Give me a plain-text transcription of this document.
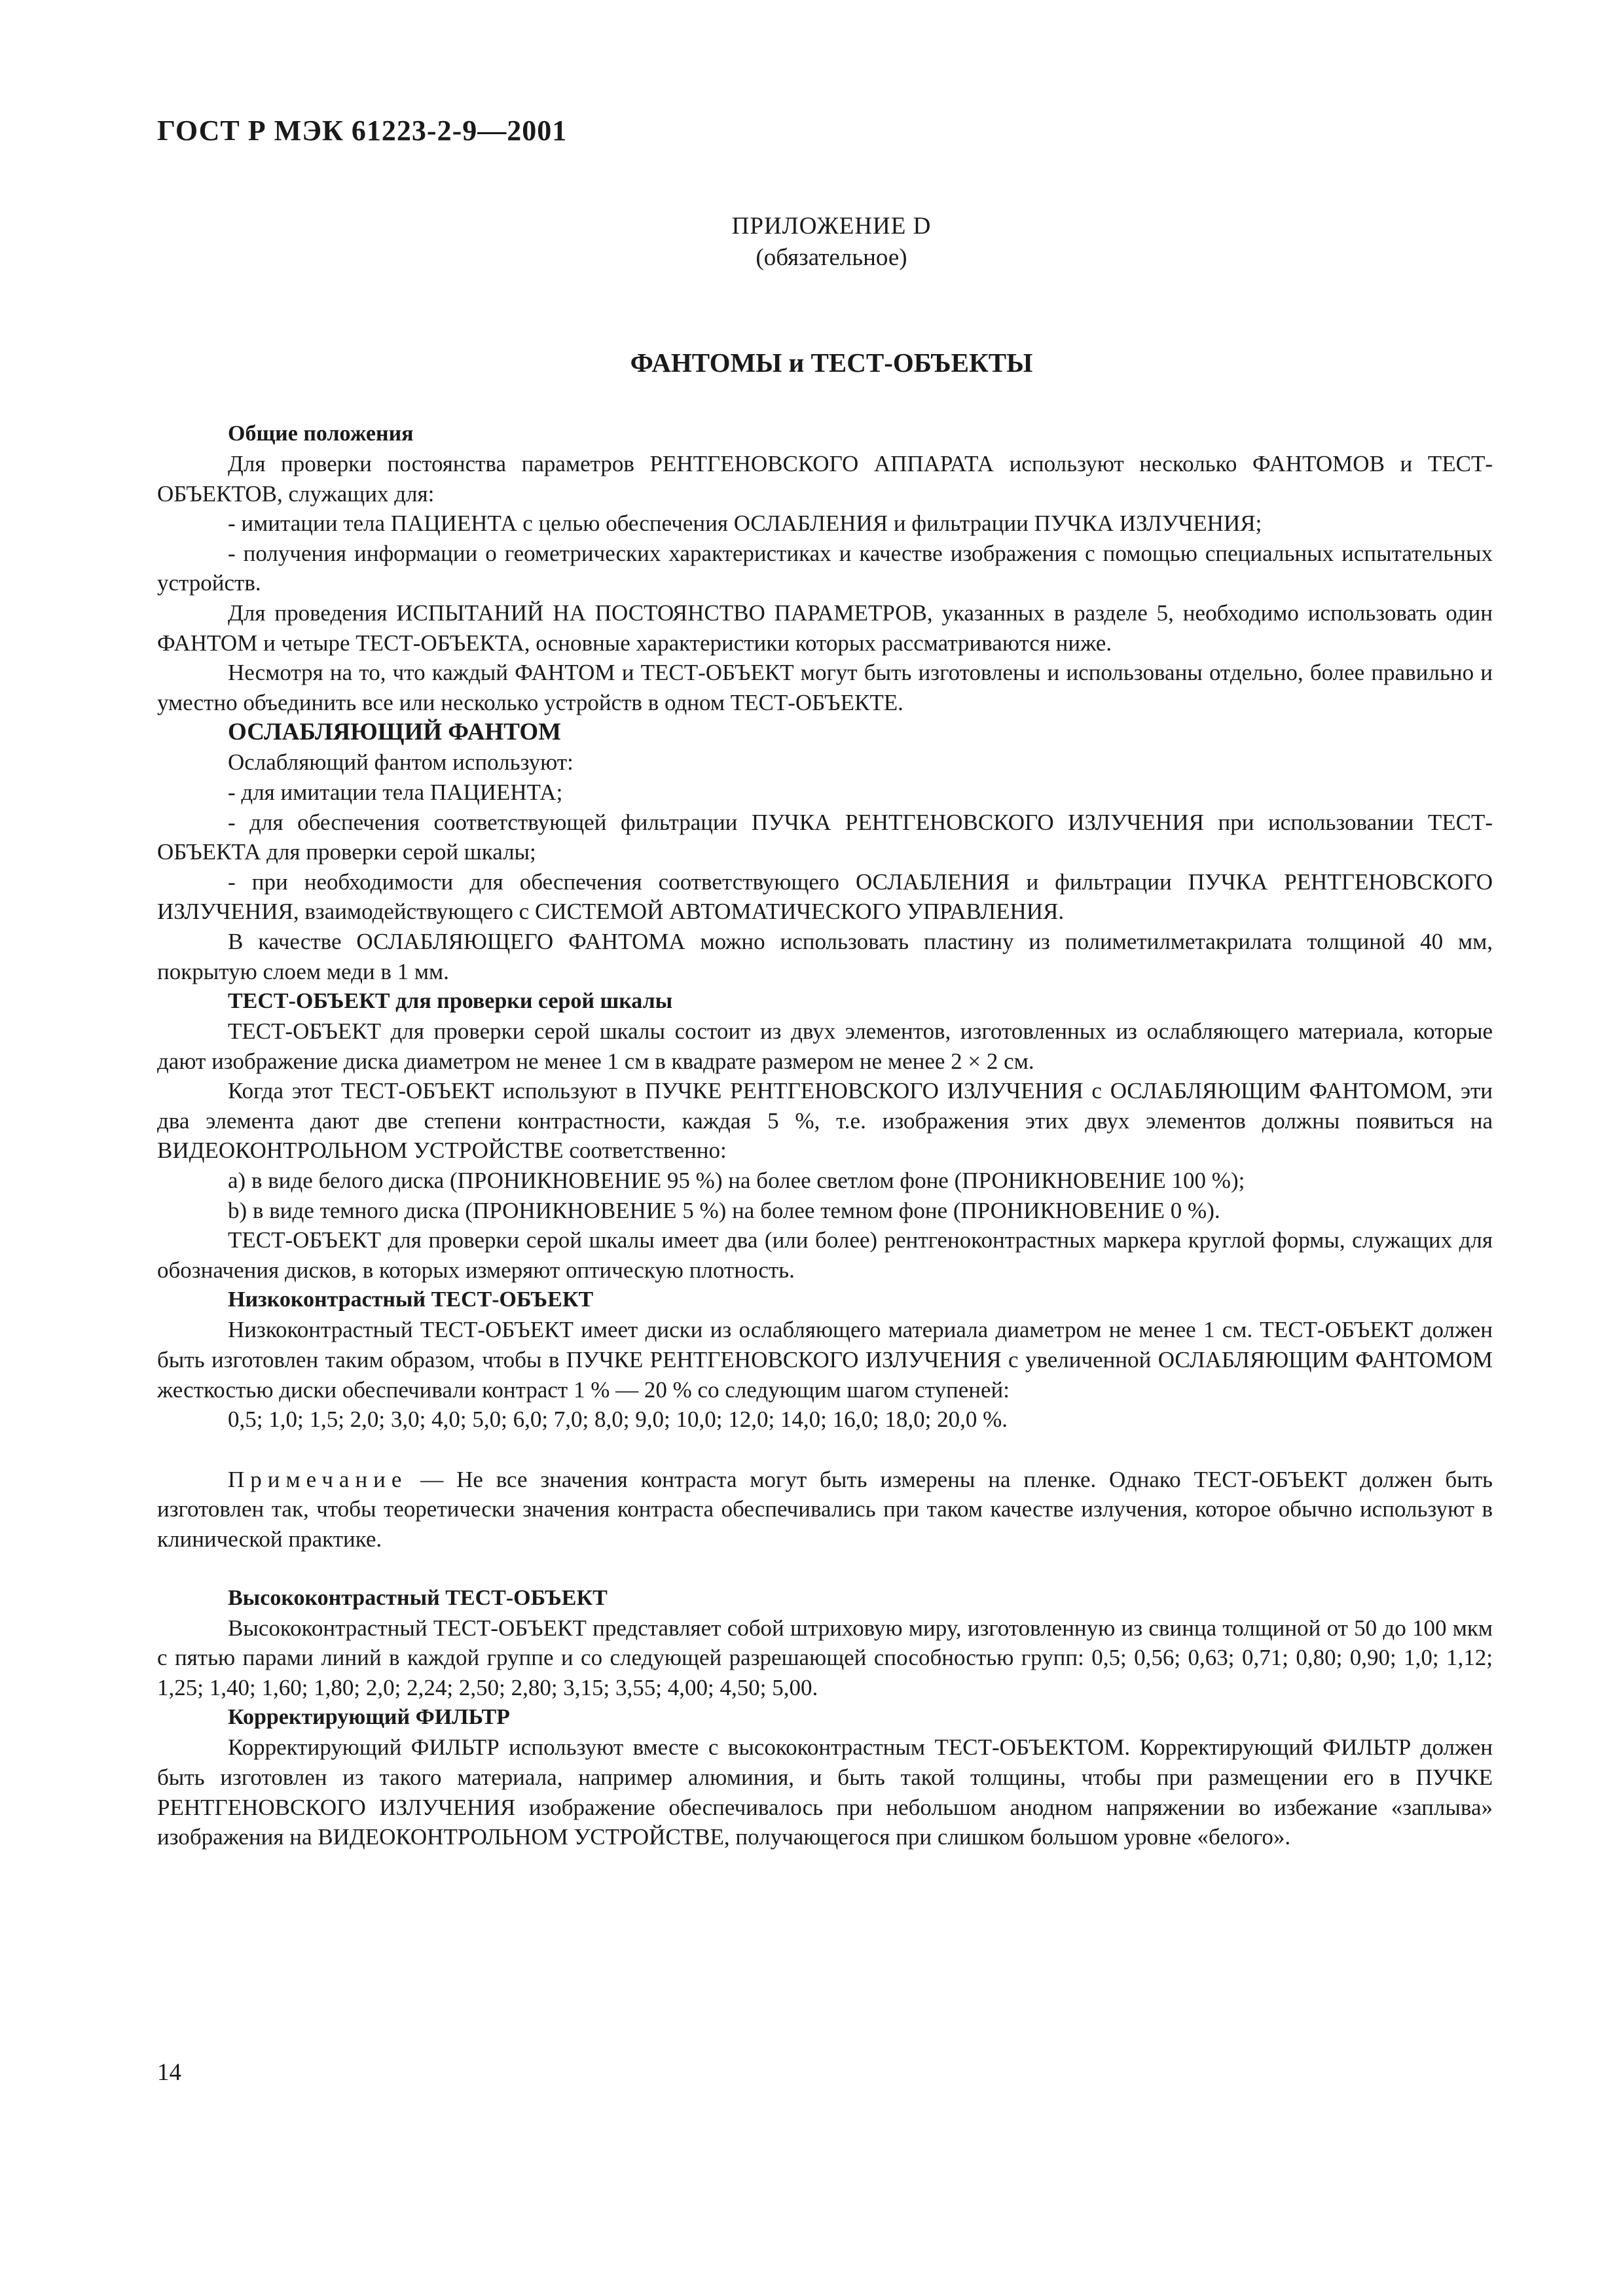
ГОСТ Р МЭК 61223-2-9—2001
ПРИЛОЖЕНИЕ D
(обязательное)
ФАНТОМЫ и ТЕСТ-ОБЪЕКТЫ
Общие положения

Для проверки постоянства параметров РЕНТГЕНОВСКОГО АППАРАТА используют несколько ФАНТОМОВ и ТЕСТ-ОБЪЕКТОВ, служащих для:

- имитации тела ПАЦИЕНТА с целью обеспечения ОСЛАБЛЕНИЯ и фильтрации ПУЧКА ИЗЛУЧЕНИЯ;

- получения информации о геометрических характеристиках и качестве изображения с помощью специальных испытательных устройств.

Для проведения ИСПЫТАНИЙ НА ПОСТОЯНСТВО ПАРАМЕТРОВ, указанных в разделе 5, необходимо использовать один ФАНТОМ и четыре ТЕСТ-ОБЪЕКТА, основные характеристики которых рассматриваются ниже.

Несмотря на то, что каждый ФАНТОМ и ТЕСТ-ОБЪЕКТ могут быть изготовлены и использованы отдельно, более правильно и уместно объединить все или несколько устройств в одном ТЕСТ-ОБЪЕКТЕ.

ОСЛАБЛЯЮЩИЙ ФАНТОМ

Ослабляющий фантом используют:

- для имитации тела ПАЦИЕНТА;

- для обеспечения соответствующей фильтрации ПУЧКА РЕНТГЕНОВСКОГО ИЗЛУЧЕНИЯ при использовании ТЕСТ-ОБЪЕКТА для проверки серой шкалы;

- при необходимости для обеспечения соответствующего ОСЛАБЛЕНИЯ и фильтрации ПУЧКА РЕНТГЕНОВСКОГО ИЗЛУЧЕНИЯ, взаимодействующего с СИСТЕМОЙ АВТОМАТИЧЕСКОГО УПРАВЛЕНИЯ.

В качестве ОСЛАБЛЯЮЩЕГО ФАНТОМА можно использовать пластину из полиметилметакрилата толщиной 40 мм, покрытую слоем меди в 1 мм.

ТЕСТ-ОБЪЕКТ для проверки серой шкалы

ТЕСТ-ОБЪЕКТ для проверки серой шкалы состоит из двух элементов, изготовленных из ослабляющего материала, которые дают изображение диска диаметром не менее 1 см в квадрате размером не менее 2 × 2 см.

Когда этот ТЕСТ-ОБЪЕКТ используют в ПУЧКЕ РЕНТГЕНОВСКОГО ИЗЛУЧЕНИЯ с ОСЛАБЛЯЮЩИМ ФАНТОМОМ, эти два элемента дают две степени контрастности, каждая 5 %, т.е. изображения этих двух элементов должны появиться на ВИДЕОКОНТРОЛЬНОМ УСТРОЙСТВЕ соответственно:

a) в виде белого диска (ПРОНИКНОВЕНИЕ 95 %) на более светлом фоне (ПРОНИКНОВЕНИЕ 100 %);

b) в виде темного диска (ПРОНИКНОВЕНИЕ 5 %) на более темном фоне (ПРОНИКНОВЕНИЕ 0 %).

ТЕСТ-ОБЪЕКТ для проверки серой шкалы имеет два (или более) рентгеноконтрастных маркера круглой формы, служащих для обозначения дисков, в которых измеряют оптическую плотность.

Низкоконтрастный ТЕСТ-ОБЪЕКТ

Низкоконтрастный ТЕСТ-ОБЪЕКТ имеет диски из ослабляющего материала диаметром не менее 1 см. ТЕСТ-ОБЪЕКТ должен быть изготовлен таким образом, чтобы в ПУЧКЕ РЕНТГЕНОВСКОГО ИЗЛУЧЕНИЯ с увеличенной ОСЛАБЛЯЮЩИМ ФАНТОМОМ жесткостью диски обеспечивали контраст 1 % — 20 % со следующим шагом ступеней:

0,5; 1,0; 1,5; 2,0; 3,0; 4,0; 5,0; 6,0; 7,0; 8,0; 9,0; 10,0; 12,0; 14,0; 16,0; 18,0; 20,0 %.

Примечание — Не все значения контраста могут быть измерены на пленке. Однако ТЕСТ-ОБЪЕКТ должен быть изготовлен так, чтобы теоретически значения контраста обеспечивались при таком качестве излучения, которое обычно используют в клинической практике.

Высококонтрастный ТЕСТ-ОБЪЕКТ

Высококонтрастный ТЕСТ-ОБЪЕКТ представляет собой штриховую миру, изготовленную из свинца толщиной от 50 до 100 мкм с пятью парами линий в каждой группе и со следующей разрешающей способностью групп: 0,5; 0,56; 0,63; 0,71; 0,80; 0,90; 1,0; 1,12; 1,25; 1,40; 1,60; 1,80; 2,0; 2,24; 2,50; 2,80; 3,15; 3,55; 4,00; 4,50; 5,00.

Корректирующий ФИЛЬТР

Корректирующий ФИЛЬТР используют вместе с высококонтрастным ТЕСТ-ОБЪЕКТОМ. Корректирующий ФИЛЬТР должен быть изготовлен из такого материала, например алюминия, и быть такой толщины, чтобы при размещении его в ПУЧКЕ РЕНТГЕНОВСКОГО ИЗЛУЧЕНИЯ изображение обеспечивалось при небольшом анодном напряжении во избежание «заплыва» изображения на ВИДЕОКОНТРОЛЬНОМ УСТРОЙСТВЕ, получающегося при слишком большом уровне «белого».

14
